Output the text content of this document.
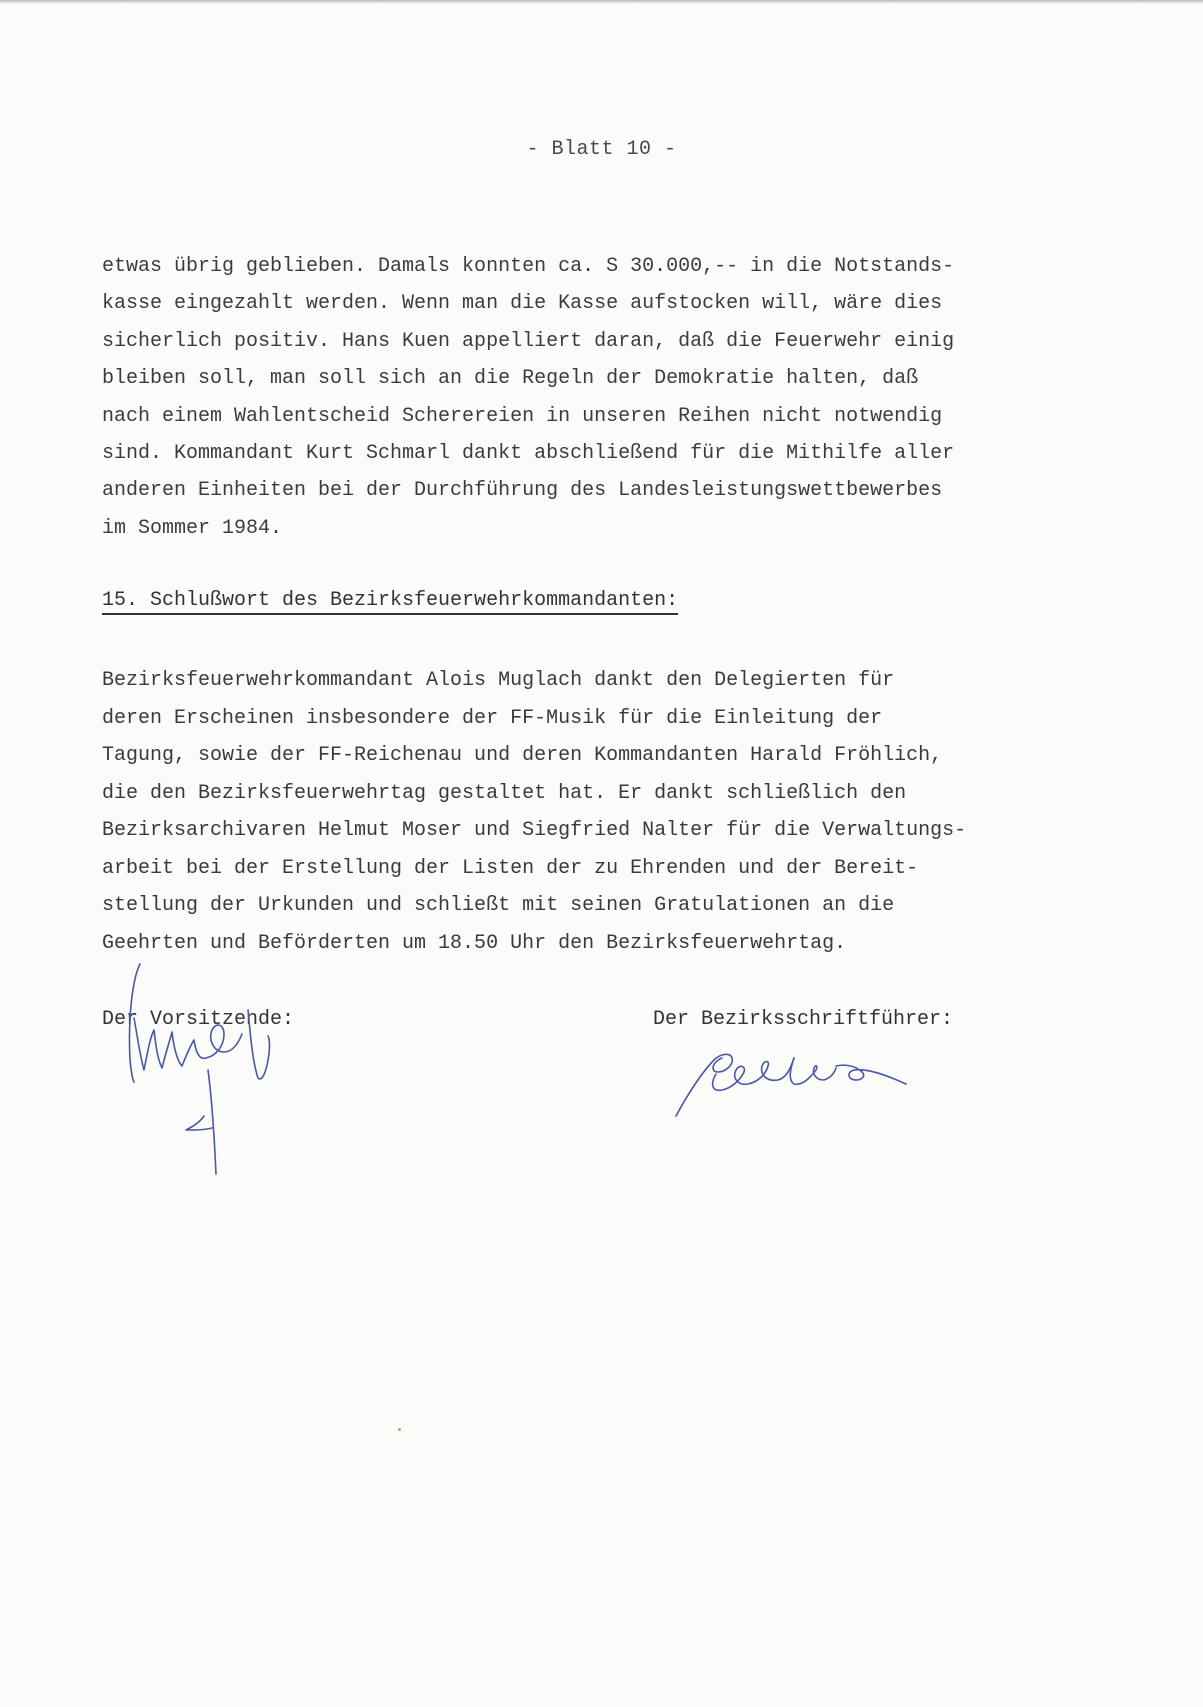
- Blatt 10 -
etwas übrig geblieben. Damals konnten ca. S 30.000,-- in die Notstands-
kasse eingezahlt werden. Wenn man die Kasse aufstocken will, wäre dies
sicherlich positiv. Hans Kuen appelliert daran, daß die Feuerwehr einig
bleiben soll, man soll sich an die Regeln der Demokratie halten, daß
nach einem Wahlentscheid Scherereien in unseren Reihen nicht notwendig
sind. Kommandant Kurt Schmarl dankt abschließend für die Mithilfe aller
anderen Einheiten bei der Durchführung des Landesleistungswettbewerbes
im Sommer 1984.
15. Schlußwort des Bezirksfeuerwehrkommandanten:
Bezirksfeuerwehrkommandant Alois Muglach dankt den Delegierten für
deren Erscheinen insbesondere der FF-Musik für die Einleitung der
Tagung, sowie der FF-Reichenau und deren Kommandanten Harald Fröhlich,
die den Bezirksfeuerwehrtag gestaltet hat. Er dankt schließlich den
Bezirksarchivaren Helmut Moser und Siegfried Nalter für die Verwaltungs-
arbeit bei der Erstellung der Listen der zu Ehrenden und der Bereit-
stellung der Urkunden und schließt mit seinen Gratulationen an die
Geehrten und Beförderten um 18.50 Uhr den Bezirksfeuerwehrtag.
Der Vorsitzende:	Der Bezirksschriftführer:
